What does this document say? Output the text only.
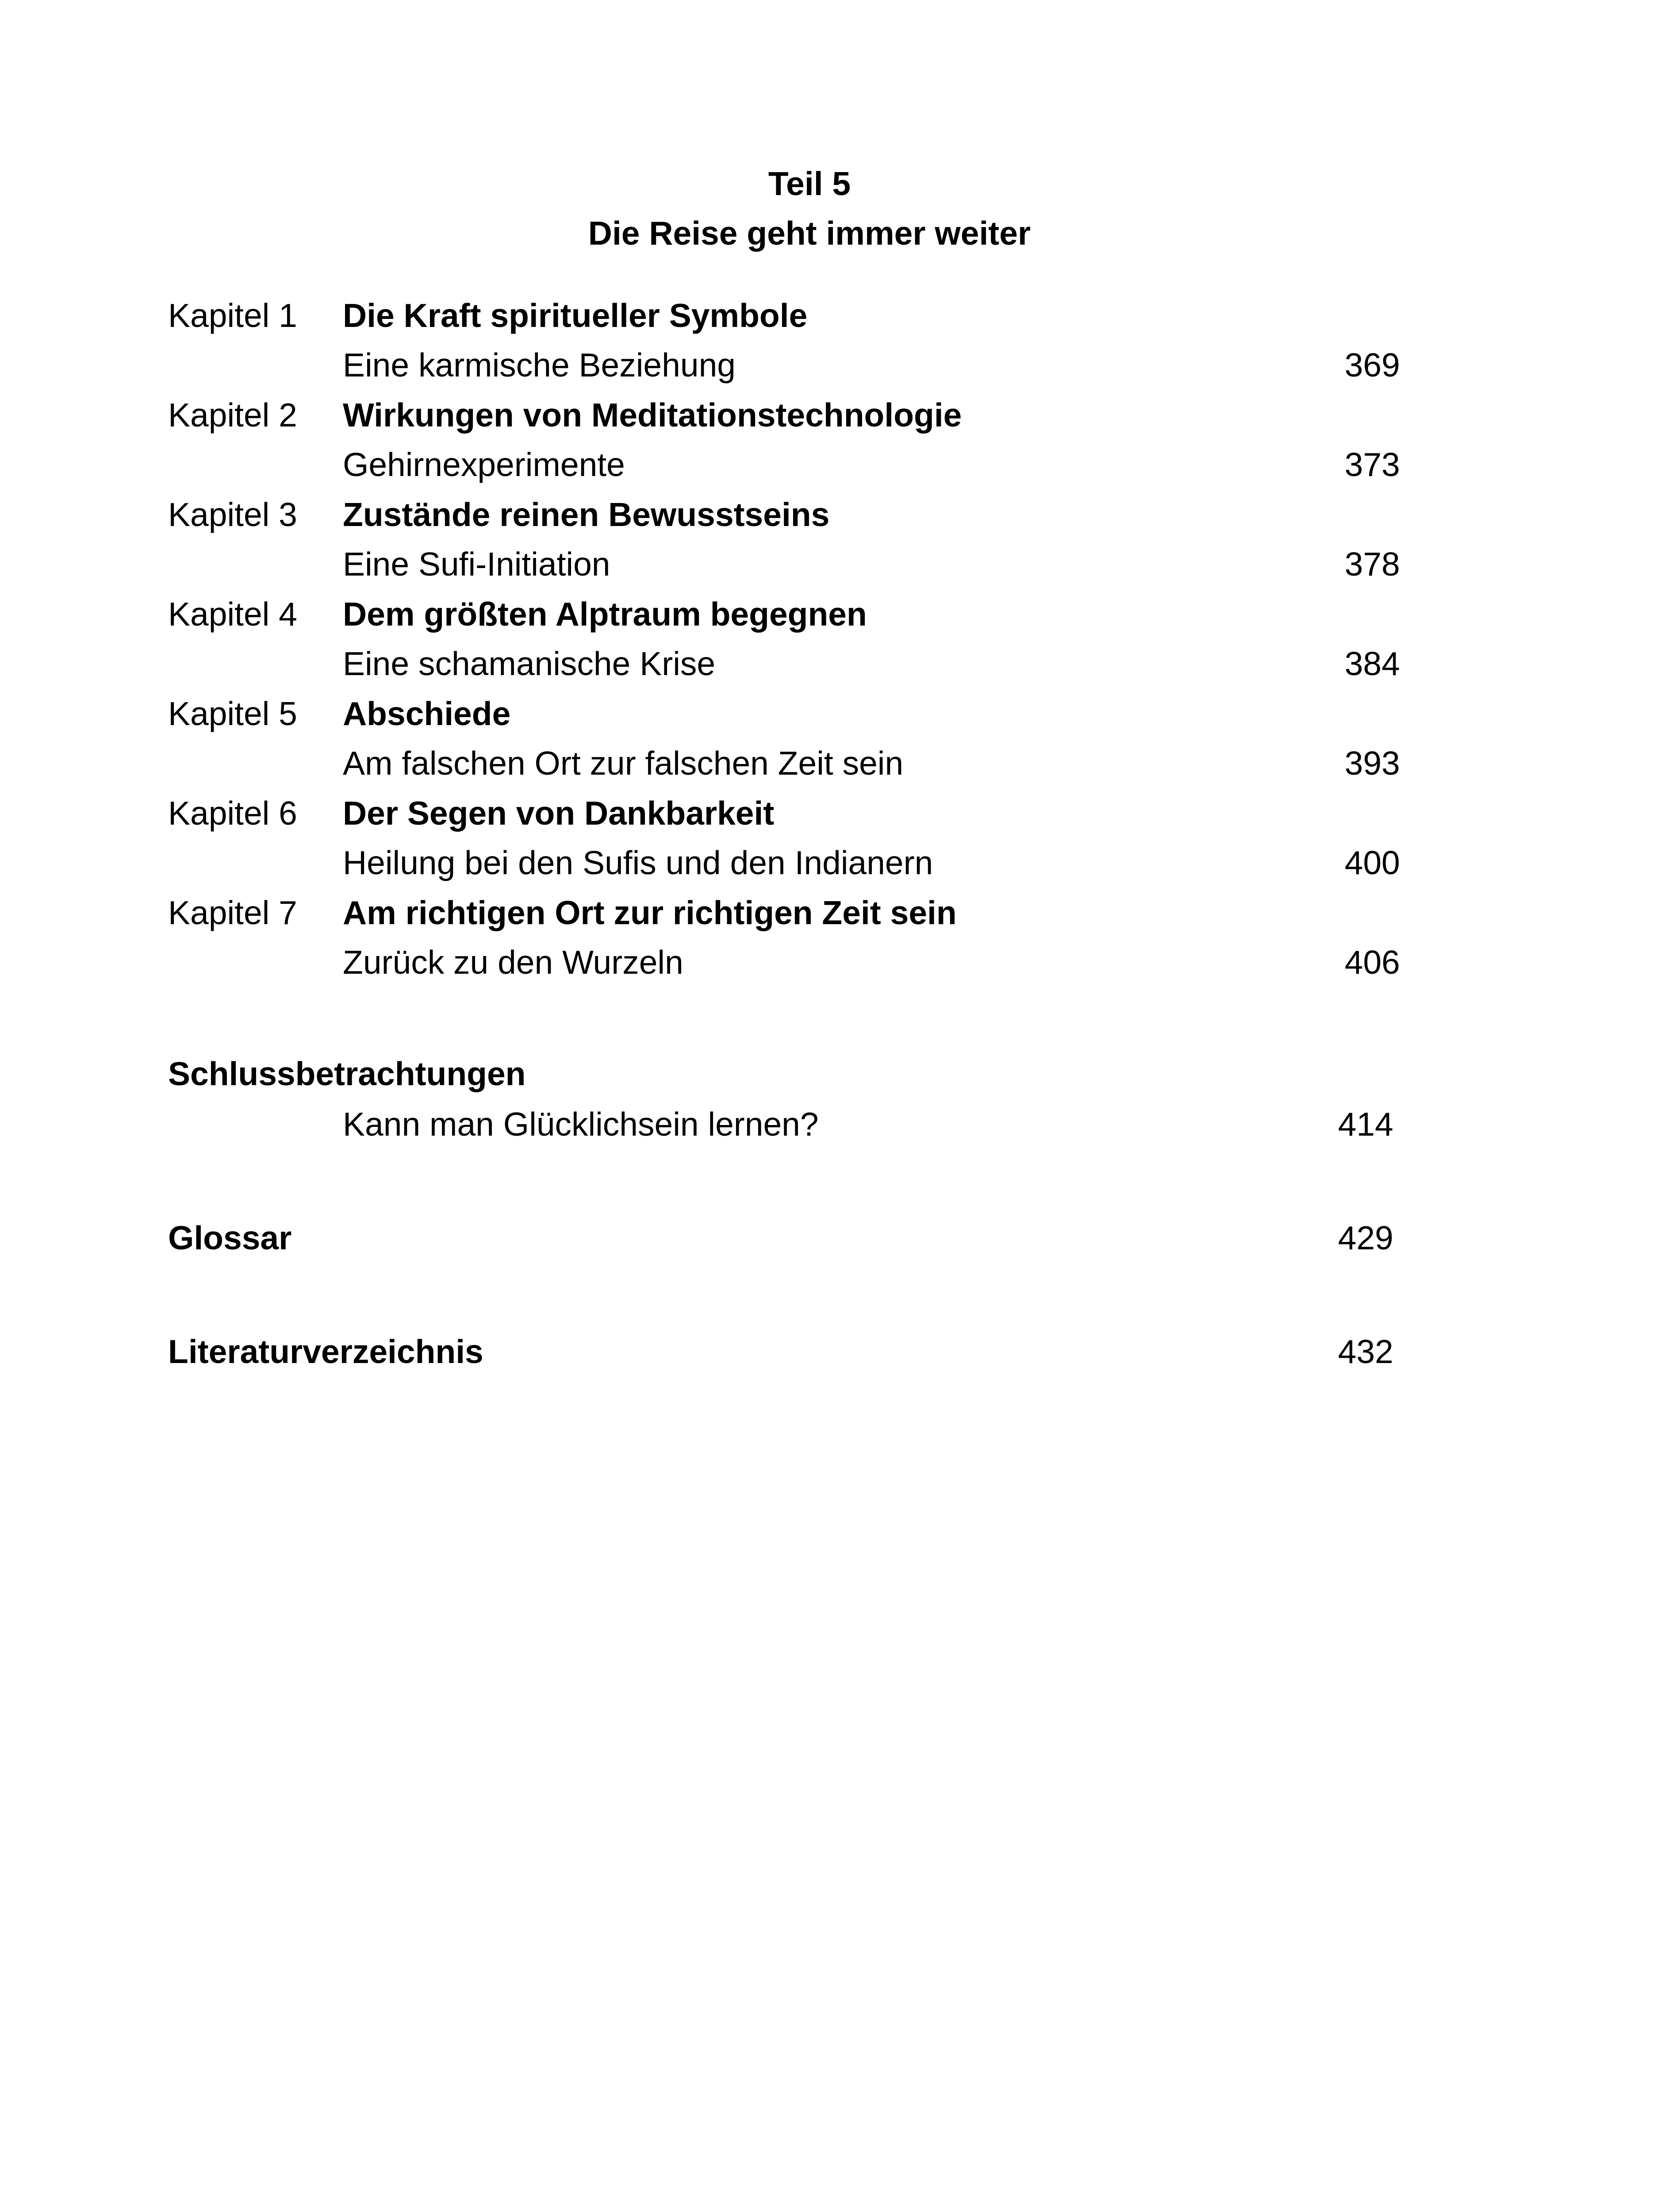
Teil 5
Die Reise geht immer weiter
Kapitel 1 Die Kraft spiritueller Symbole
Eine karmische Beziehung	369
Kapitel 2 Wirkungen von Meditationstechnologie
Gehirnexperimente	373
Kapitel 3 Zustände reinen Bewusstseins
Eine Sufi-Initiation	378
Kapitel 4 Dem größten Alptraum begegnen
Eine schamanische Krise	384
Kapitel 5 Abschiede
Am falschen Ort zur falschen Zeit sein	393
Kapitel 6 Der Segen von Dankbarkeit
Heilung bei den Sufis und den Indianern	400
Kapitel 7 Am richtigen Ort zur richtigen Zeit sein
Zurück zu den Wurzeln	406
Schlussbetrachtungen
Kann man Glücklichsein lernen?	414
Glossar	429
Literaturverzeichnis	432
